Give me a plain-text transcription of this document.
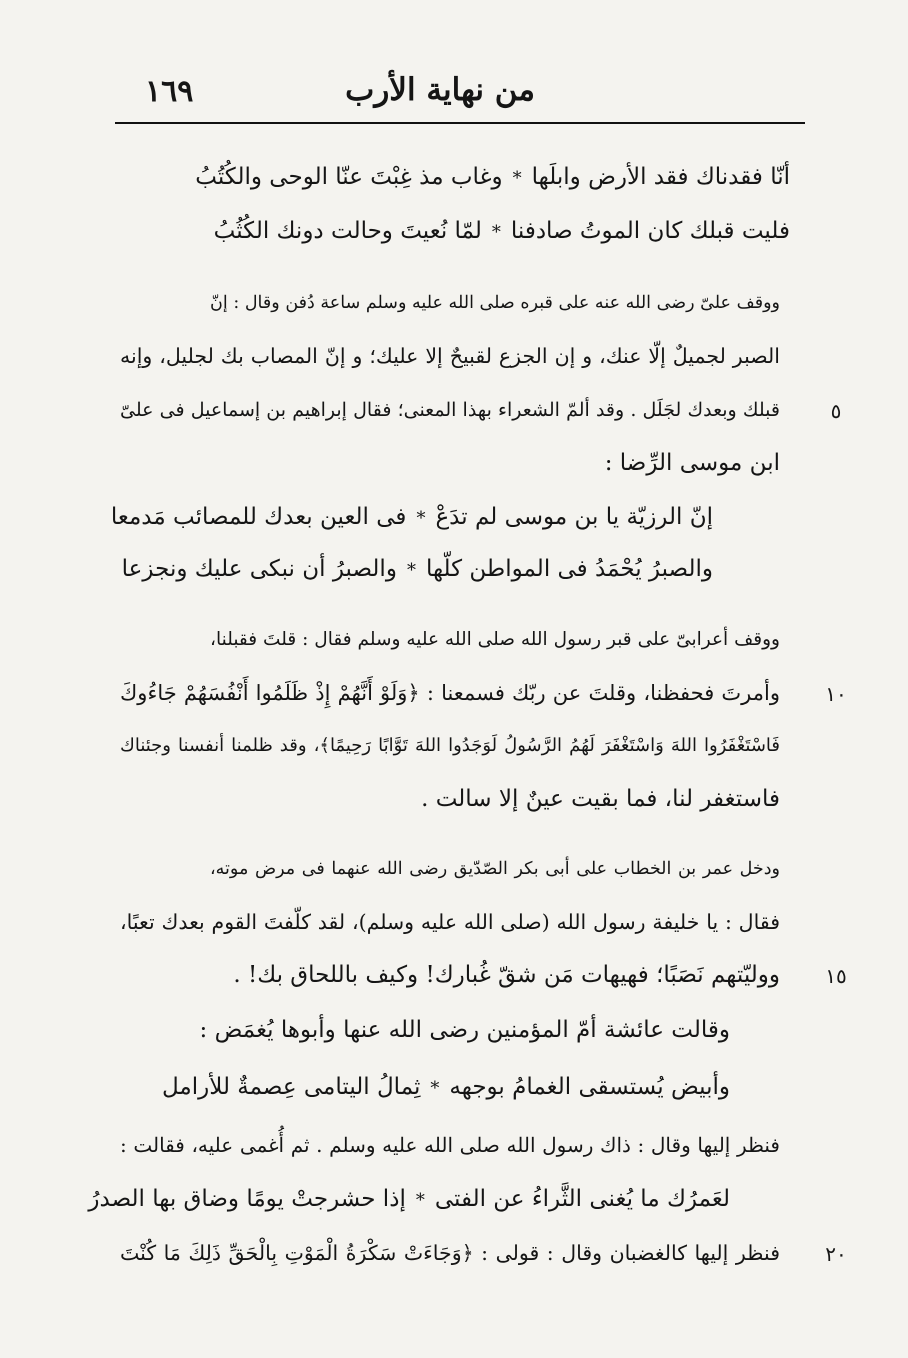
١٦٩	من نهاية الأرب
أنّا فقدناك فقد الأرض وابلَها*وغاب مذ غِبْتَ عنّا الوحى والكُتُبُ
فليت قبلك كان الموتُ صادفنا*لمّا نُعيتَ وحالت دونك الكُثُبُ
ووقف علىّ رضى الله عنه على قبره صلى الله عليه وسلم ساعة دُفن وقال : إنّ
الصبر لجميلٌ إلّا عنك، و إن الجزع لقبيحٌ إلا عليك؛ و إنّ المصاب بك لجليل، وإنه
قبلك وبعدك لجَلَل . وقد ألمّ الشعراء بهذا المعنى؛ فقال إبراهيم بن إسماعيل فى علىّ	٥
ابن موسى الرِّضا :
إنّ الرزيّة يا بن موسى لم تدَعْ*فى العين بعدك للمصائب مَدمعا
والصبرُ يُحْمَدُ فى المواطن كلّها*والصبرُ أن نبكى عليك ونجزعا
ووقف أعرابىّ على قبر رسول الله صلى الله عليه وسلم فقال : قلتَ فقبلنا،
وأمرتَ فحفظنا، وقلتَ عن ربّك فسمعنا : ﴿وَلَوْ أَنَّهُمْ إِذْ ظَلَمُوا أَنْفُسَهُمْ جَاءُوكَ	١٠
فَاسْتَغْفَرُوا اللهَ وَاسْتَغْفَرَ لَهُمُ الرَّسُولُ لَوَجَدُوا اللهَ تَوَّابًا رَحِيمًا﴾، وقد ظلمنا أنفسنا وجئناك
فاستغفر لنا، فما بقيت عينٌ إلا سالت .
ودخل عمر بن الخطاب على أبى بكر الصّدّيق رضى الله عنهما فى مرض موته،
فقال : يا خليفة رسول الله (صلى الله عليه وسلم)، لقد كلّفتَ القوم بعدك تعبًا،
ووليّتهم نَصَبًا؛ فهيهات مَن شقّ غُبارك! وكيف باللحاق بك! .	١٥
وقالت عائشة أمّ المؤمنين رضى الله عنها وأبوها يُغمَض :
وأبيض يُستسقى الغمامُ بوجهه*ثِمالُ اليتامى عِصمةٌ للأرامل
فنظر إليها وقال : ذاك رسول الله صلى الله عليه وسلم . ثم أُغمى عليه، فقالت :
لعَمرُك ما يُغنى الثَّراءُ عن الفتى*إذا حشرجتْ يومًا وضاق بها الصدرُ
فنظر إليها كالغضبان وقال : قولى : ﴿وَجَاءَتْ سَكْرَةُ الْمَوْتِ بِالْحَقِّ ذَلِكَ مَا كُنْتَ	٢٠
